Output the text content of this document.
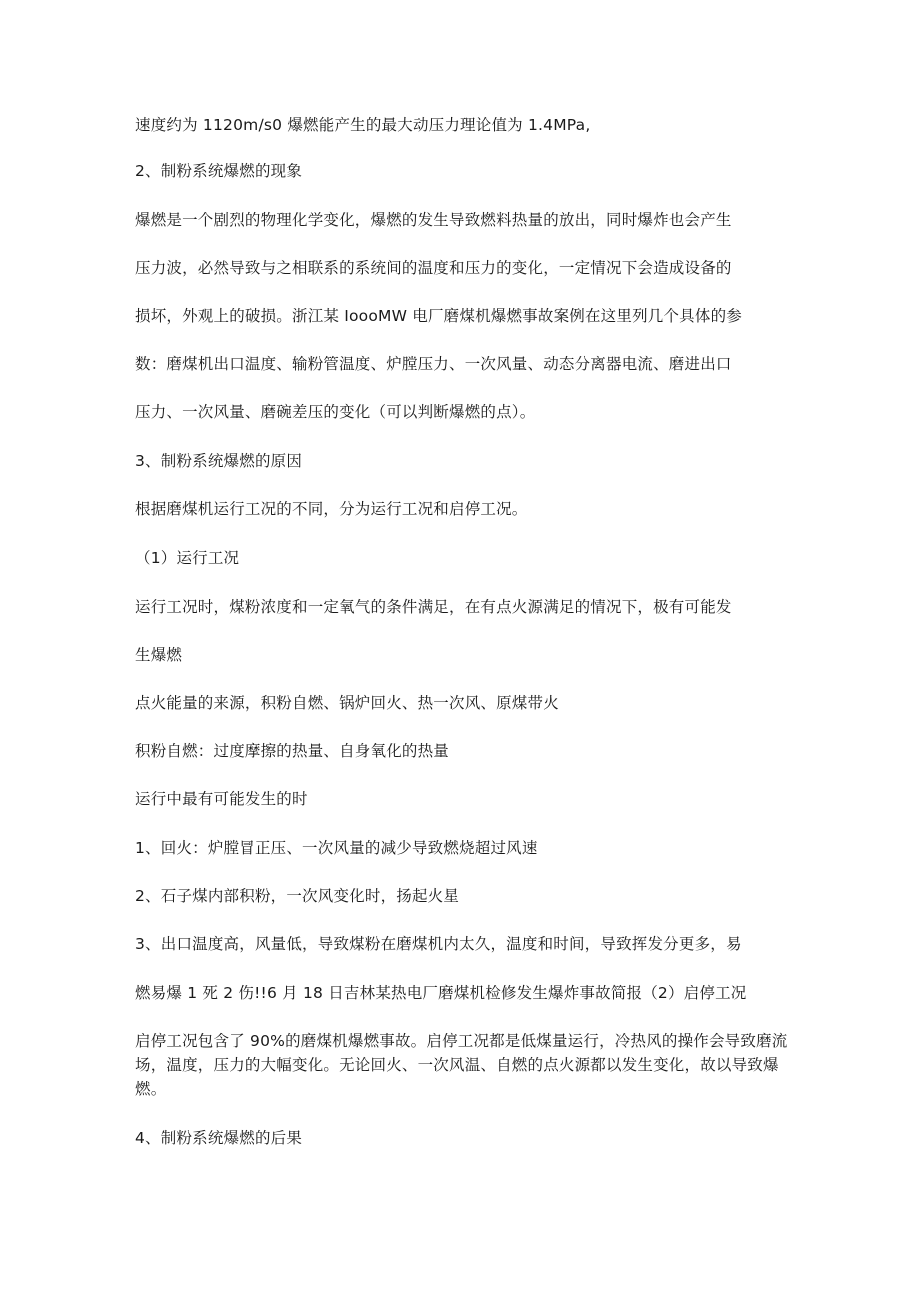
速度约为 1120m∕s0 爆燃能产生的最大动压力理论值为 1.4MPa,
2、制粉系统爆燃的现象
爆燃是一个剧烈的物理化学变化，爆燃的发生导致燃料热量的放出，同时爆炸也会产生
压力波，必然导致与之相联系的系统间的温度和压力的变化，一定情况下会造成设备的
损坏，外观上的破损。浙江某 IoooMW 电厂磨煤机爆燃事故案例在这里列几个具体的参
数：磨煤机出口温度、输粉管温度、炉膛压力、一次风量、动态分离器电流、磨进出口
压力、一次风量、磨碗差压的变化（可以判断爆燃的点）。
3、制粉系统爆燃的原因
根据磨煤机运行工况的不同，分为运行工况和启停工况。
（1）运行工况
运行工况时，煤粉浓度和一定氧气的条件满足，在有点火源满足的情况下，极有可能发
生爆燃
点火能量的来源，积粉自燃、锅炉回火、热一次风、原煤带火
积粉自燃：过度摩擦的热量、自身氧化的热量
运行中最有可能发生的时
1、回火：炉膛冒正压、一次风量的减少导致燃烧超过风速
2、石子煤内部积粉，一次风变化时，扬起火星
3、出口温度高，风量低，导致煤粉在磨煤机内太久，温度和时间，导致挥发分更多，易
燃易爆 1 死 2 伤!!6 月 18 日吉林某热电厂磨煤机检修发生爆炸事故简报（2）启停工况
启停工况包含了 90%的磨煤机爆燃事故。启停工况都是低煤量运行，冷热风的操作会导致磨流场，温度，压力的大幅变化。无论回火、一次风温、自燃的点火源都以发生变化，故以导致爆燃。
4、制粉系统爆燃的后果
